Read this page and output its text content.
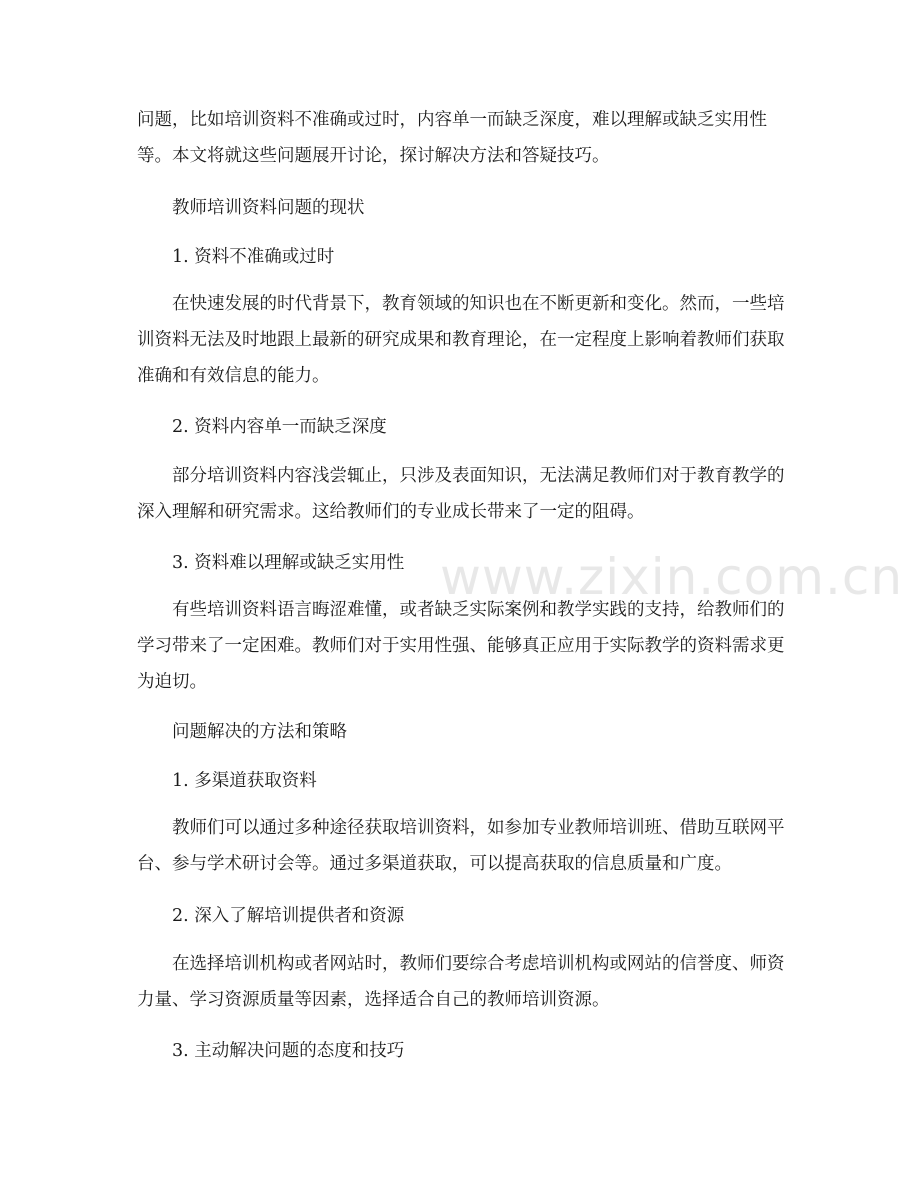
问题，比如培训资料不准确或过时，内容单一而缺乏深度，难以理解或缺乏实用性等。本文将就这些问题展开讨论，探讨解决方法和答疑技巧。

教师培训资料问题的现状

1. 资料不准确或过时

在快速发展的时代背景下，教育领域的知识也在不断更新和变化。然而，一些培训资料无法及时地跟上最新的研究成果和教育理论，在一定程度上影响着教师们获取准确和有效信息的能力。

2. 资料内容单一而缺乏深度

部分培训资料内容浅尝辄止，只涉及表面知识，无法满足教师们对于教育教学的深入理解和研究需求。这给教师们的专业成长带来了一定的阻碍。

3. 资料难以理解或缺乏实用性

有些培训资料语言晦涩难懂，或者缺乏实际案例和教学实践的支持，给教师们的学习带来了一定困难。教师们对于实用性强、能够真正应用于实际教学的资料需求更为迫切。

问题解决的方法和策略

1. 多渠道获取资料

教师们可以通过多种途径获取培训资料，如参加专业教师培训班、借助互联网平台、参与学术研讨会等。通过多渠道获取，可以提高获取的信息质量和广度。

2. 深入了解培训提供者和资源

在选择培训机构或者网站时，教师们要综合考虑培训机构或网站的信誉度、师资力量、学习资源质量等因素，选择适合自己的教师培训资源。

3. 主动解决问题的态度和技巧

www.zixin.com.cn
